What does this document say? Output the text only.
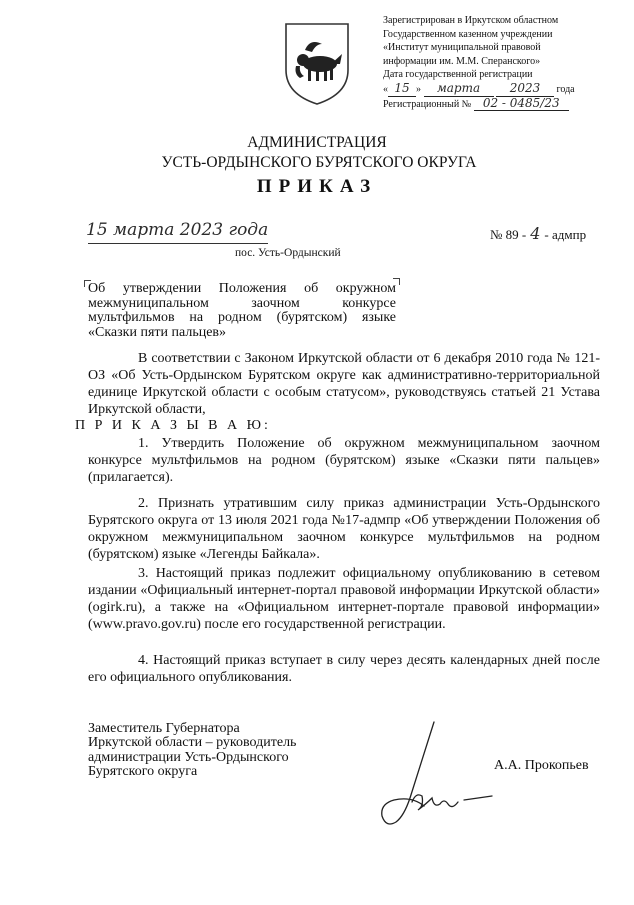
Зарегистрирован в Иркутском областном
Государственном казенном учреждении
«Институт муниципальной правовой
информации им. М.М. Сперанского»
Дата государственной регистрации
« 15 » марта 2023 года
Регистрационный № 02 - 0485/23
АДМИНИСТРАЦИЯ
УСТЬ-ОРДЫНСКОГО БУРЯТСКОГО ОКРУГА
ПРИКАЗ
15 марта 2023 года	№ 89 - 4 - адмпр
пос. Усть-Ордынский
Об утверждении Положения об окружном
межмуниципальном заочном конкурсе
мультфильмов на родном (бурятском) языке
«Сказки пяти пальцев»
В соответствии с Законом Иркутской области от 6 декабря 2010 года № 121-ОЗ «Об Усть-Ордынском Бурятском округе как административно-территориальной единице Иркутской области с особым статусом», руководствуясь статьей 21 Устава Иркутской области,
П Р И К А З Ы В А Ю:
1. Утвердить Положение об окружном межмуниципальном заочном конкурсе мультфильмов на родном (бурятском) языке «Сказки пяти пальцев» (прилагается).
2. Признать утратившим силу приказ администрации Усть-Ордынского Бурятского округа от 13 июля 2021 года №17-адмпр «Об утверждении Положения об окружном межмуниципальном заочном конкурсе мультфильмов на родном (бурятском) языке «Легенды Байкала».
3. Настоящий приказ подлежит официальному опубликованию в сетевом издании «Официальный интернет-портал правовой информации Иркутской области» (ogirk.ru), а также на «Официальном интернет-портале правовой информации» (www.pravo.gov.ru) после его государственной регистрации.
4. Настоящий приказ вступает в силу через десять календарных дней после его официального опубликования.
Заместитель Губернатора
Иркутской области – руководитель
администрации Усть-Ордынского
Бурятского округа	А.А. Прокопьев
